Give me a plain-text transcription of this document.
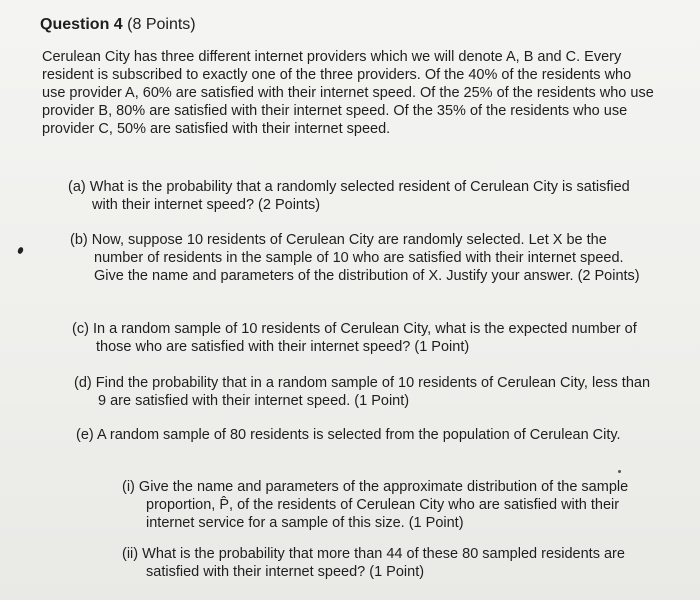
Question 4 (8 Points)
Cerulean City has three different internet providers which we will denote A, B and C. Every resident is subscribed to exactly one of the three providers. Of the 40% of the residents who use provider A, 60% are satisfied with their internet speed. Of the 25% of the residents who use provider B, 80% are satisfied with their internet speed. Of the 35% of the residents who use provider C, 50% are satisfied with their internet speed.
(a) What is the probability that a randomly selected resident of Cerulean City is satisfied with their internet speed? (2 Points)
(b) Now, suppose 10 residents of Cerulean City are randomly selected. Let X be the number of residents in the sample of 10 who are satisfied with their internet speed. Give the name and parameters of the distribution of X. Justify your answer. (2 Points)
(c) In a random sample of 10 residents of Cerulean City, what is the expected number of those who are satisfied with their internet speed? (1 Point)
(d) Find the probability that in a random sample of 10 residents of Cerulean City, less than 9 are satisfied with their internet speed. (1 Point)
(e) A random sample of 80 residents is selected from the population of Cerulean City.
(i) Give the name and parameters of the approximate distribution of the sample proportion, P̂, of the residents of Cerulean City who are satisfied with their internet service for a sample of this size. (1 Point)
(ii) What is the probability that more than 44 of these 80 sampled residents are satisfied with their internet speed? (1 Point)
